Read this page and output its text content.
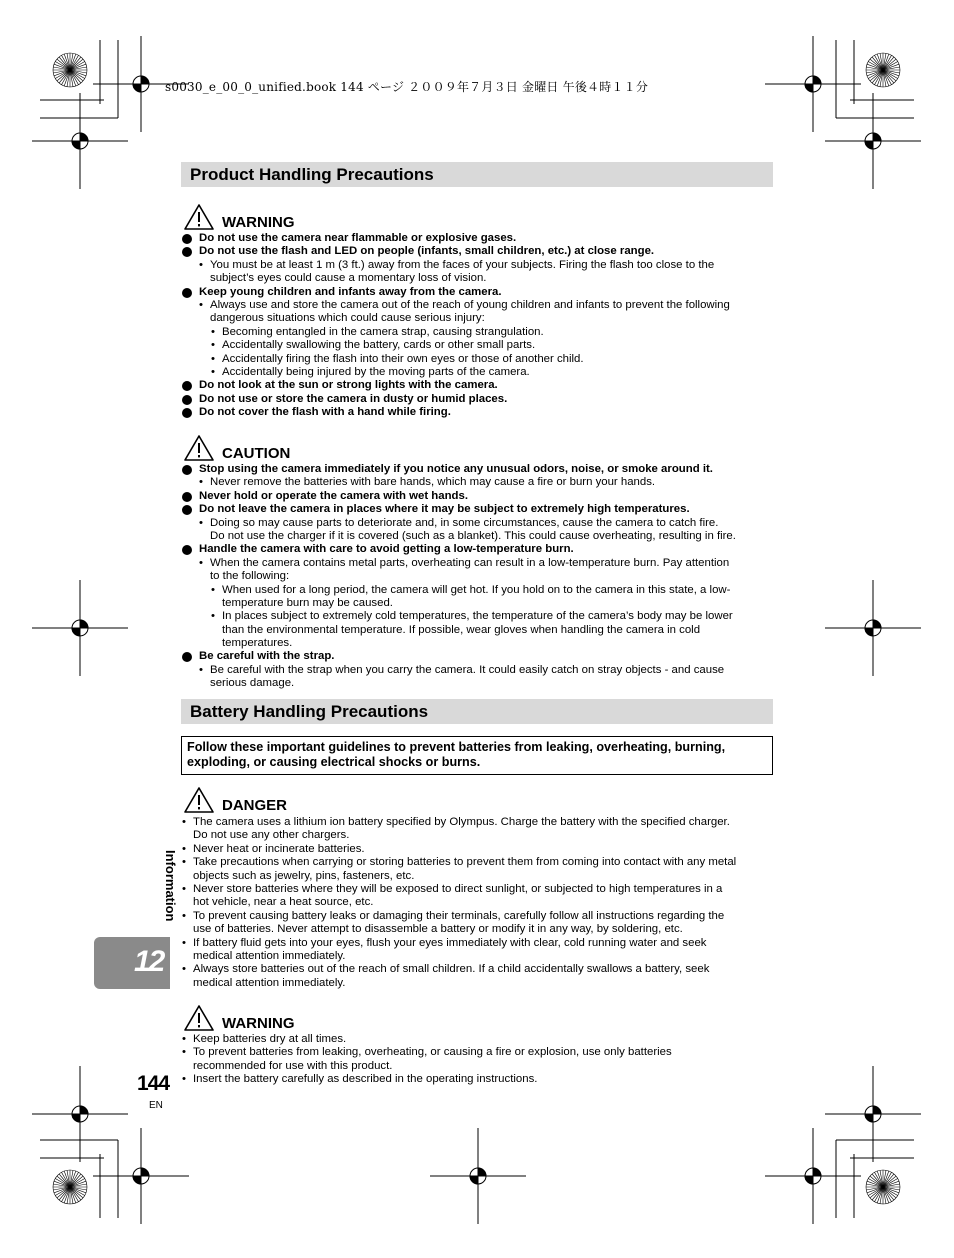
s0030_e_00_0_unified.book 144 ページ ２００９年７月３日 金曜日 午後４時１１分
Product Handling Precautions
WARNING
Do not use the camera near flammable or explosive gases.
Do not use the flash and LED on people (infants, small children, etc.) at close range.
• You must be at least 1 m (3 ft.) away from the faces of your subjects. Firing the flash too close to the
subject’s eyes could cause a momentary loss of vision.
Keep young children and infants away from the camera.
• Always use and store the camera out of the reach of young children and infants to prevent the following
dangerous situations which could cause serious injury:
• Becoming entangled in the camera strap, causing strangulation.
• Accidentally swallowing the battery, cards or other small parts.
• Accidentally firing the flash into their own eyes or those of another child.
• Accidentally being injured by the moving parts of the camera.
Do not look at the sun or strong lights with the camera.
Do not use or store the camera in dusty or humid places.
Do not cover the flash with a hand while firing.
CAUTION
Stop using the camera immediately if you notice any unusual odors, noise, or smoke around it.
• Never remove the batteries with bare hands, which may cause a fire or burn your hands.
Never hold or operate the camera with wet hands.
Do not leave the camera in places where it may be subject to extremely high temperatures.
• Doing so may cause parts to deteriorate and, in some circumstances, cause the camera to catch fire.
Do not use the charger if it is covered (such as a blanket). This could cause overheating, resulting in fire.
Handle the camera with care to avoid getting a low-temperature burn.
• When the camera contains metal parts, overheating can result in a low-temperature burn. Pay attention
to the following:
• When used for a long period, the camera will get hot. If you hold on to the camera in this state, a low-
temperature burn may be caused.
• In places subject to extremely cold temperatures, the temperature of the camera’s body may be lower
than the environmental temperature. If possible, wear gloves when handling the camera in cold
temperatures.
Be careful with the strap.
• Be careful with the strap when you carry the camera. It could easily catch on stray objects - and cause
serious damage.
Battery Handling Precautions
Follow these important guidelines to prevent batteries from leaking, overheating, burning,
exploding, or causing electrical shocks or burns.
DANGER
• The camera uses a lithium ion battery specified by Olympus. Charge the battery with the specified charger.
Do not use any other chargers.
• Never heat or incinerate batteries.
• Take precautions when carrying or storing batteries to prevent them from coming into contact with any metal
objects such as jewelry, pins, fasteners, etc.
• Never store batteries where they will be exposed to direct sunlight, or subjected to high temperatures in a
hot vehicle, near a heat source, etc.
• To prevent causing battery leaks or damaging their terminals, carefully follow all instructions regarding the
use of batteries. Never attempt to disassemble a battery or modify it in any way, by soldering, etc.
• If battery fluid gets into your eyes, flush your eyes immediately with clear, cold running water and seek
medical attention immediately.
• Always store batteries out of the reach of small children. If a child accidentally swallows a battery, seek
medical attention immediately.
WARNING
• Keep batteries dry at all times.
• To prevent batteries from leaking, overheating, or causing a fire or explosion, use only batteries
recommended for use with this product.
• Insert the battery carefully as described in the operating instructions.
Information
12
144
EN
